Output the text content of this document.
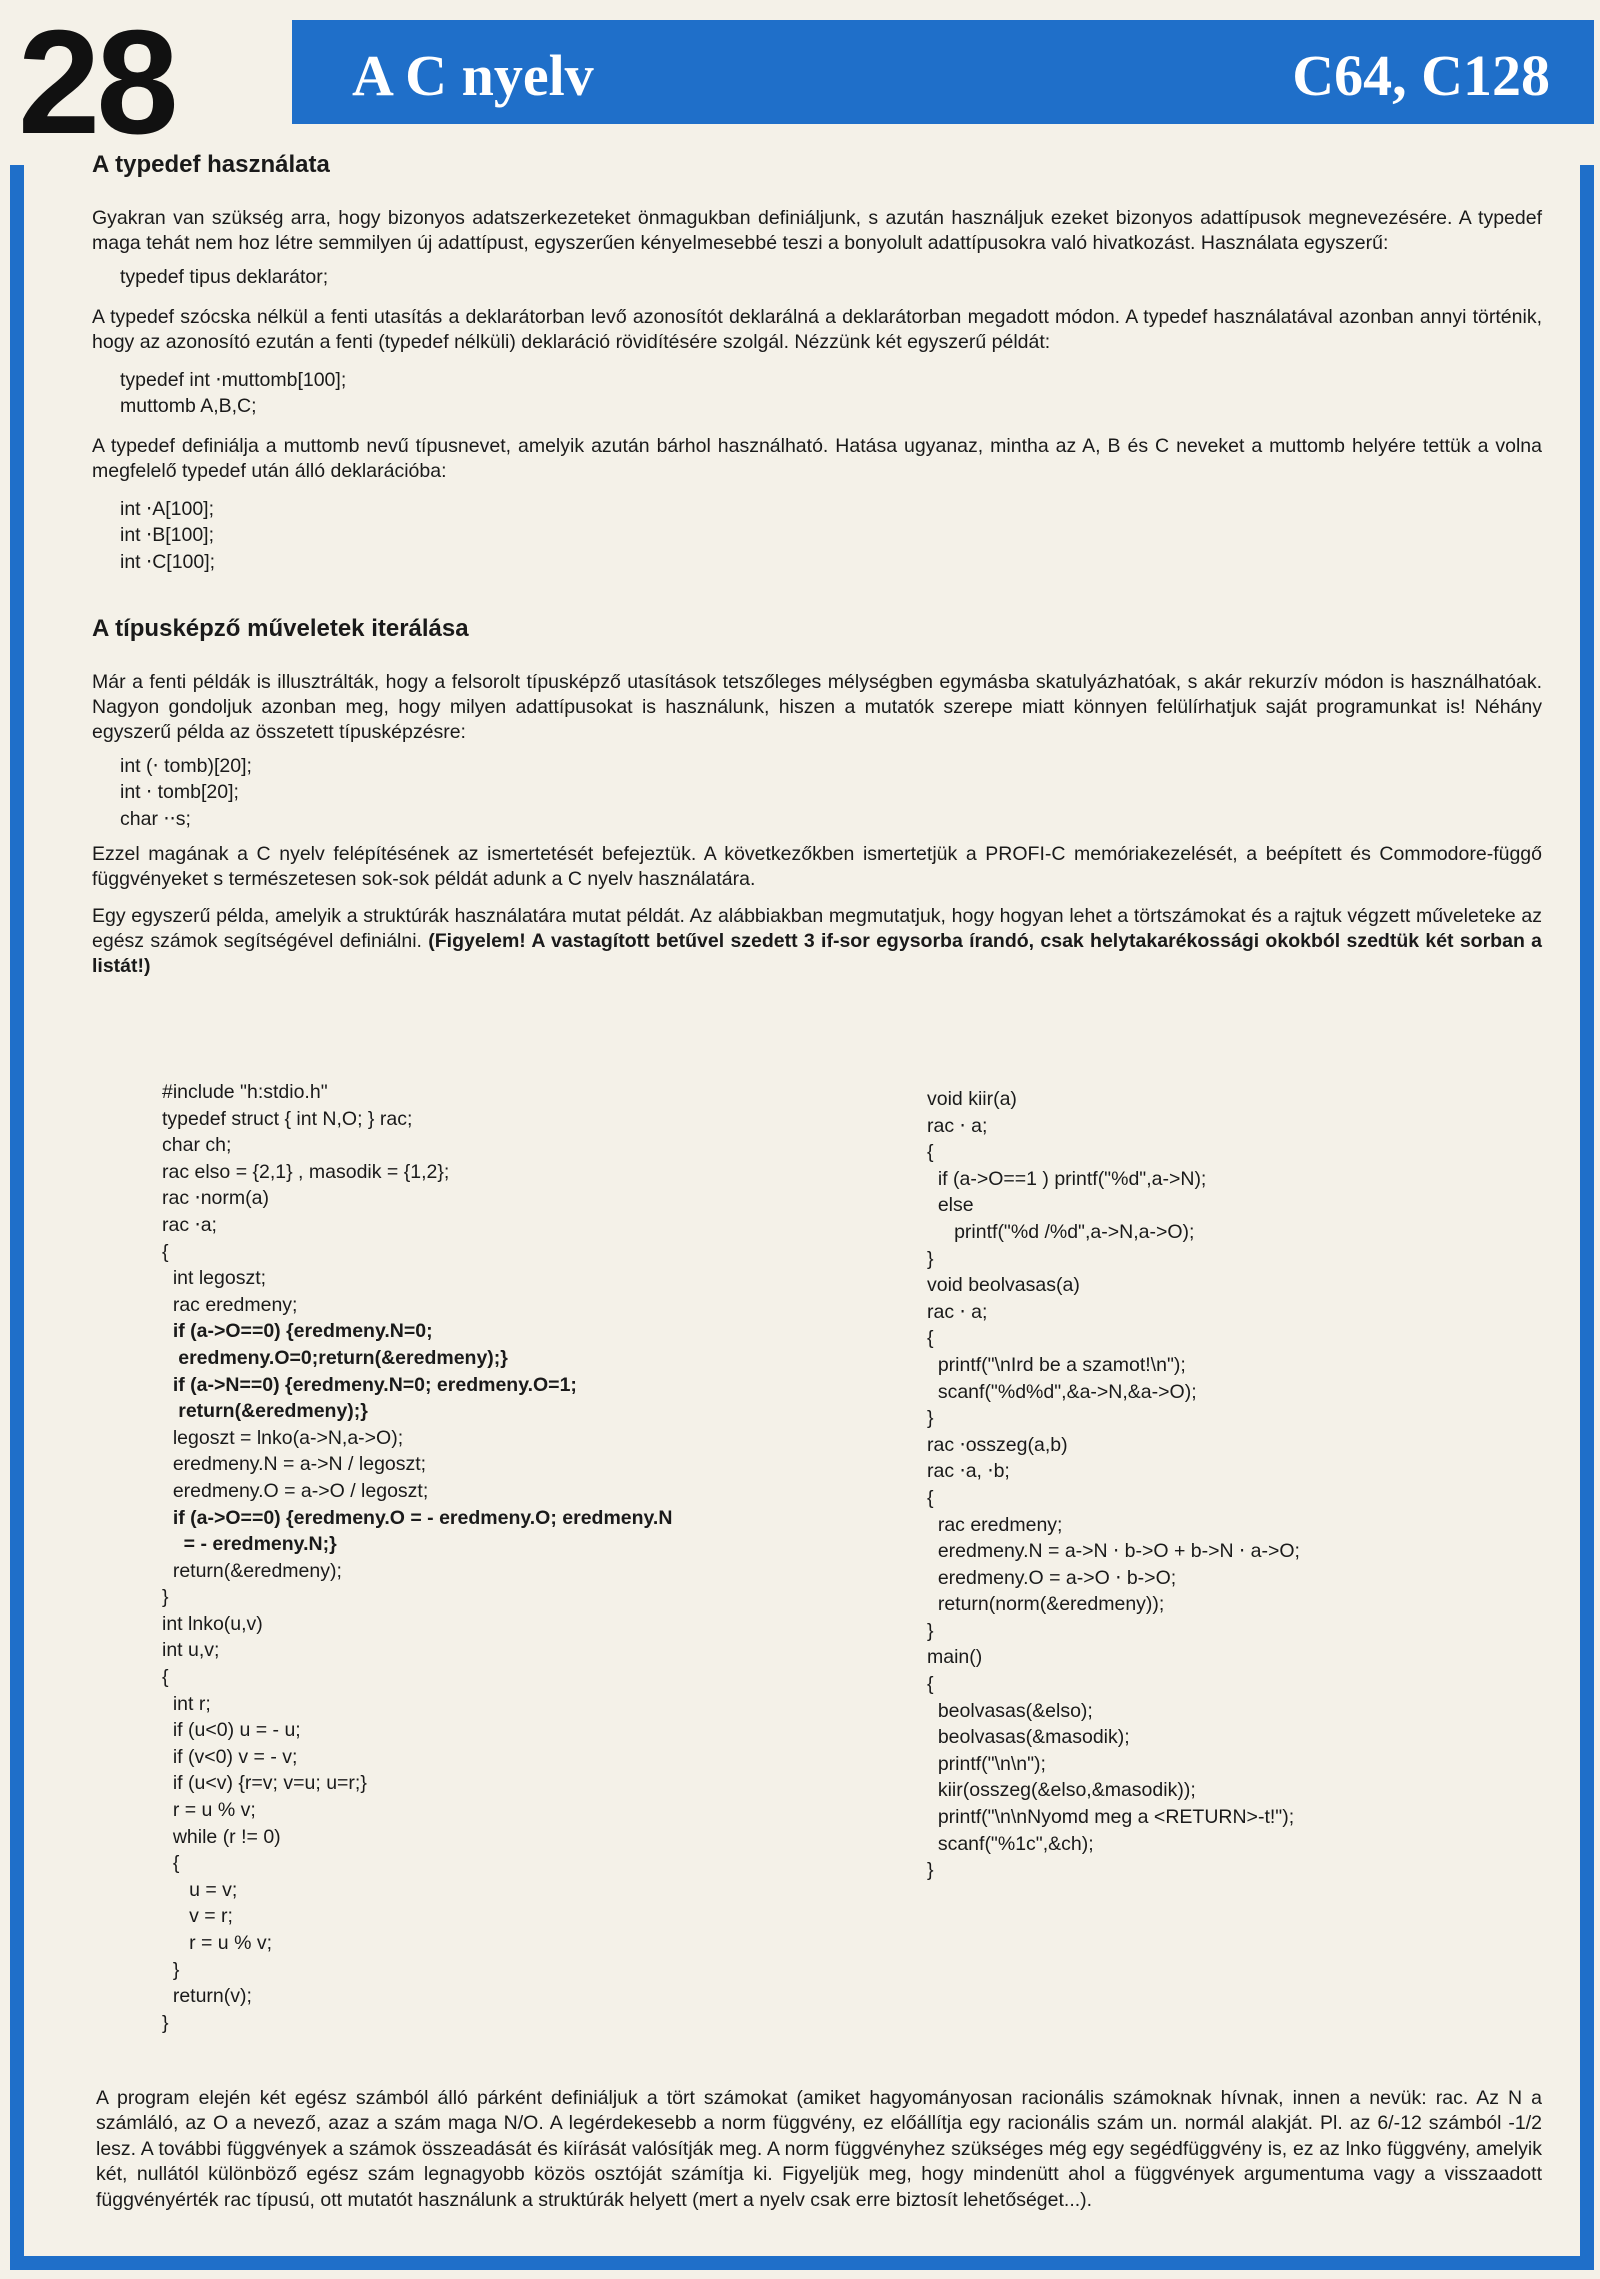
28	A C nyelv	C64, C128
A typedef használata

Gyakran van szükség arra, hogy bizonyos adatszerkezeteket önmagukban definiáljunk, s azután használjuk ezeket bizonyos adattípusok megnevezésére. A typedef maga tehát nem hoz létre semmilyen új adattípust, egyszerűen kényelmesebbé teszi a bonyolult adattípusokra való hivatkozást. Használata egyszerű:

typedef tipus deklarátor;

A typedef szócska nélkül a fenti utasítás a deklarátorban levő azonosítót deklarálná a deklarátorban megadott módon. A typedef használatával azonban annyi történik, hogy az azonosító ezután a fenti (typedef nélküli) deklaráció rövidítésére szolgál. Nézzünk két egyszerű példát:

typedef int ⋅muttomb[100];
muttomb A,B,C;

A typedef definiálja a muttomb nevű típusnevet, amelyik azután bárhol használható. Hatása ugyanaz, mintha az A, B és C neveket a muttomb helyére tettük a volna megfelelő typedef után álló deklarációba:

int ⋅A[100];
int ⋅B[100];
int ⋅C[100];
A típusképző műveletek iterálása

Már a fenti példák is illusztrálták, hogy a felsorolt típusképző utasítások tetszőleges mélységben egymásba skatulyázhatóak, s akár rekurzív módon is használhatóak. Nagyon gondoljuk azonban meg, hogy milyen adattípusokat is használunk, hiszen a mutatók szerepe miatt könnyen felülírhatjuk saját programunkat is! Néhány egyszerű példa az összetett típusképzésre:

int (⋅ tomb)[20];
int ⋅ tomb[20];
char ⋅⋅s;

Ezzel magának a C nyelv felépítésének az ismertetését befejeztük. A következőkben ismertetjük a PROFI-C memóriakezelését, a beépített és Commodore-függő függvényeket s természetesen sok-sok példát adunk a C nyelv használatára.

Egy egyszerű példa, amelyik a struktúrák használatára mutat példát. Az alábbiakban megmutatjuk, hogy hogyan lehet a törtszámokat és a rajtuk végzett műveleteke az egész számok segítségével definiálni. (Figyelem! A vastagított betűvel szedett 3 if-sor egysorba írandó, csak helytakarékossági okokból szedtük két sorban a listát!)

#include "h:stdio.h"
typedef struct { int N,O; } rac;
char ch;
rac elso = {2,1} , masodik = {1,2};
rac ⋅norm(a)
rac ⋅a;
{
int legoszt;
rac eredmeny;
if (a->O==0) {eredmeny.N=0;
eredmeny.O=0;return(&eredmeny);}
if (a->N==0) {eredmeny.N=0; eredmeny.O=1;
return(&eredmeny);}
legoszt = lnko(a->N,a->O);
eredmeny.N = a->N / legoszt;
eredmeny.O = a->O / legoszt;
if (a->O==0) {eredmeny.O = - eredmeny.O; eredmeny.N
= - eredmeny.N;}
return(&eredmeny);
}
int lnko(u,v)
int u,v;
{
int r;
if (u<0) u = - u;
if (v<0) v = - v;
if (u<v) {r=v; v=u; u=r;}
r = u % v;
while (r != 0)
{
u = v;
v = r;
r = u % v;
}
return(v);
}
void kiir(a)
rac ⋅ a;
{
if (a->O==1 ) printf("%d",a->N);
else
printf("%d /%d",a->N,a->O);
}
void beolvasas(a)
rac ⋅ a;
{
printf("\nIrd be a szamot!\n");
scanf("%d%d",&a->N,&a->O);
}
rac ⋅osszeg(a,b)
rac ⋅a, ⋅b;
{
rac eredmeny;
eredmeny.N = a->N ⋅ b->O + b->N ⋅ a->O;
eredmeny.O = a->O ⋅ b->O;
return(norm(&eredmeny));
}
main()
{
beolvasas(&elso);
beolvasas(&masodik);
printf("\n\n");
kiir(osszeg(&elso,&masodik));
printf("\n\nNyomd meg a <RETURN>-t!");
scanf("%1c",&ch);
}

A program elején két egész számból álló párként definiáljuk a tört számokat (amiket hagyományosan racionális számoknak hívnak, innen a nevük: rac. Az N a számláló, az O a nevező, azaz a szám maga N/O. A legérdekesebb a norm függvény, ez előállítja egy racionális szám un. normál alakját. Pl. az 6/-12 számból -1/2 lesz. A további függvények a számok összeadását és kiírását valósítják meg. A norm függvényhez szükséges még egy segédfüggvény is, ez az lnko függvény, amelyik két, nullától különböző egész szám legnagyobb közös osztóját számítja ki. Figyeljük meg, hogy mindenütt ahol a függvények argumentuma vagy a visszaadott függvényérték rac típusú, ott mutatót használunk a struktúrák helyett (mert a nyelv csak erre biztosít lehetőséget...).
